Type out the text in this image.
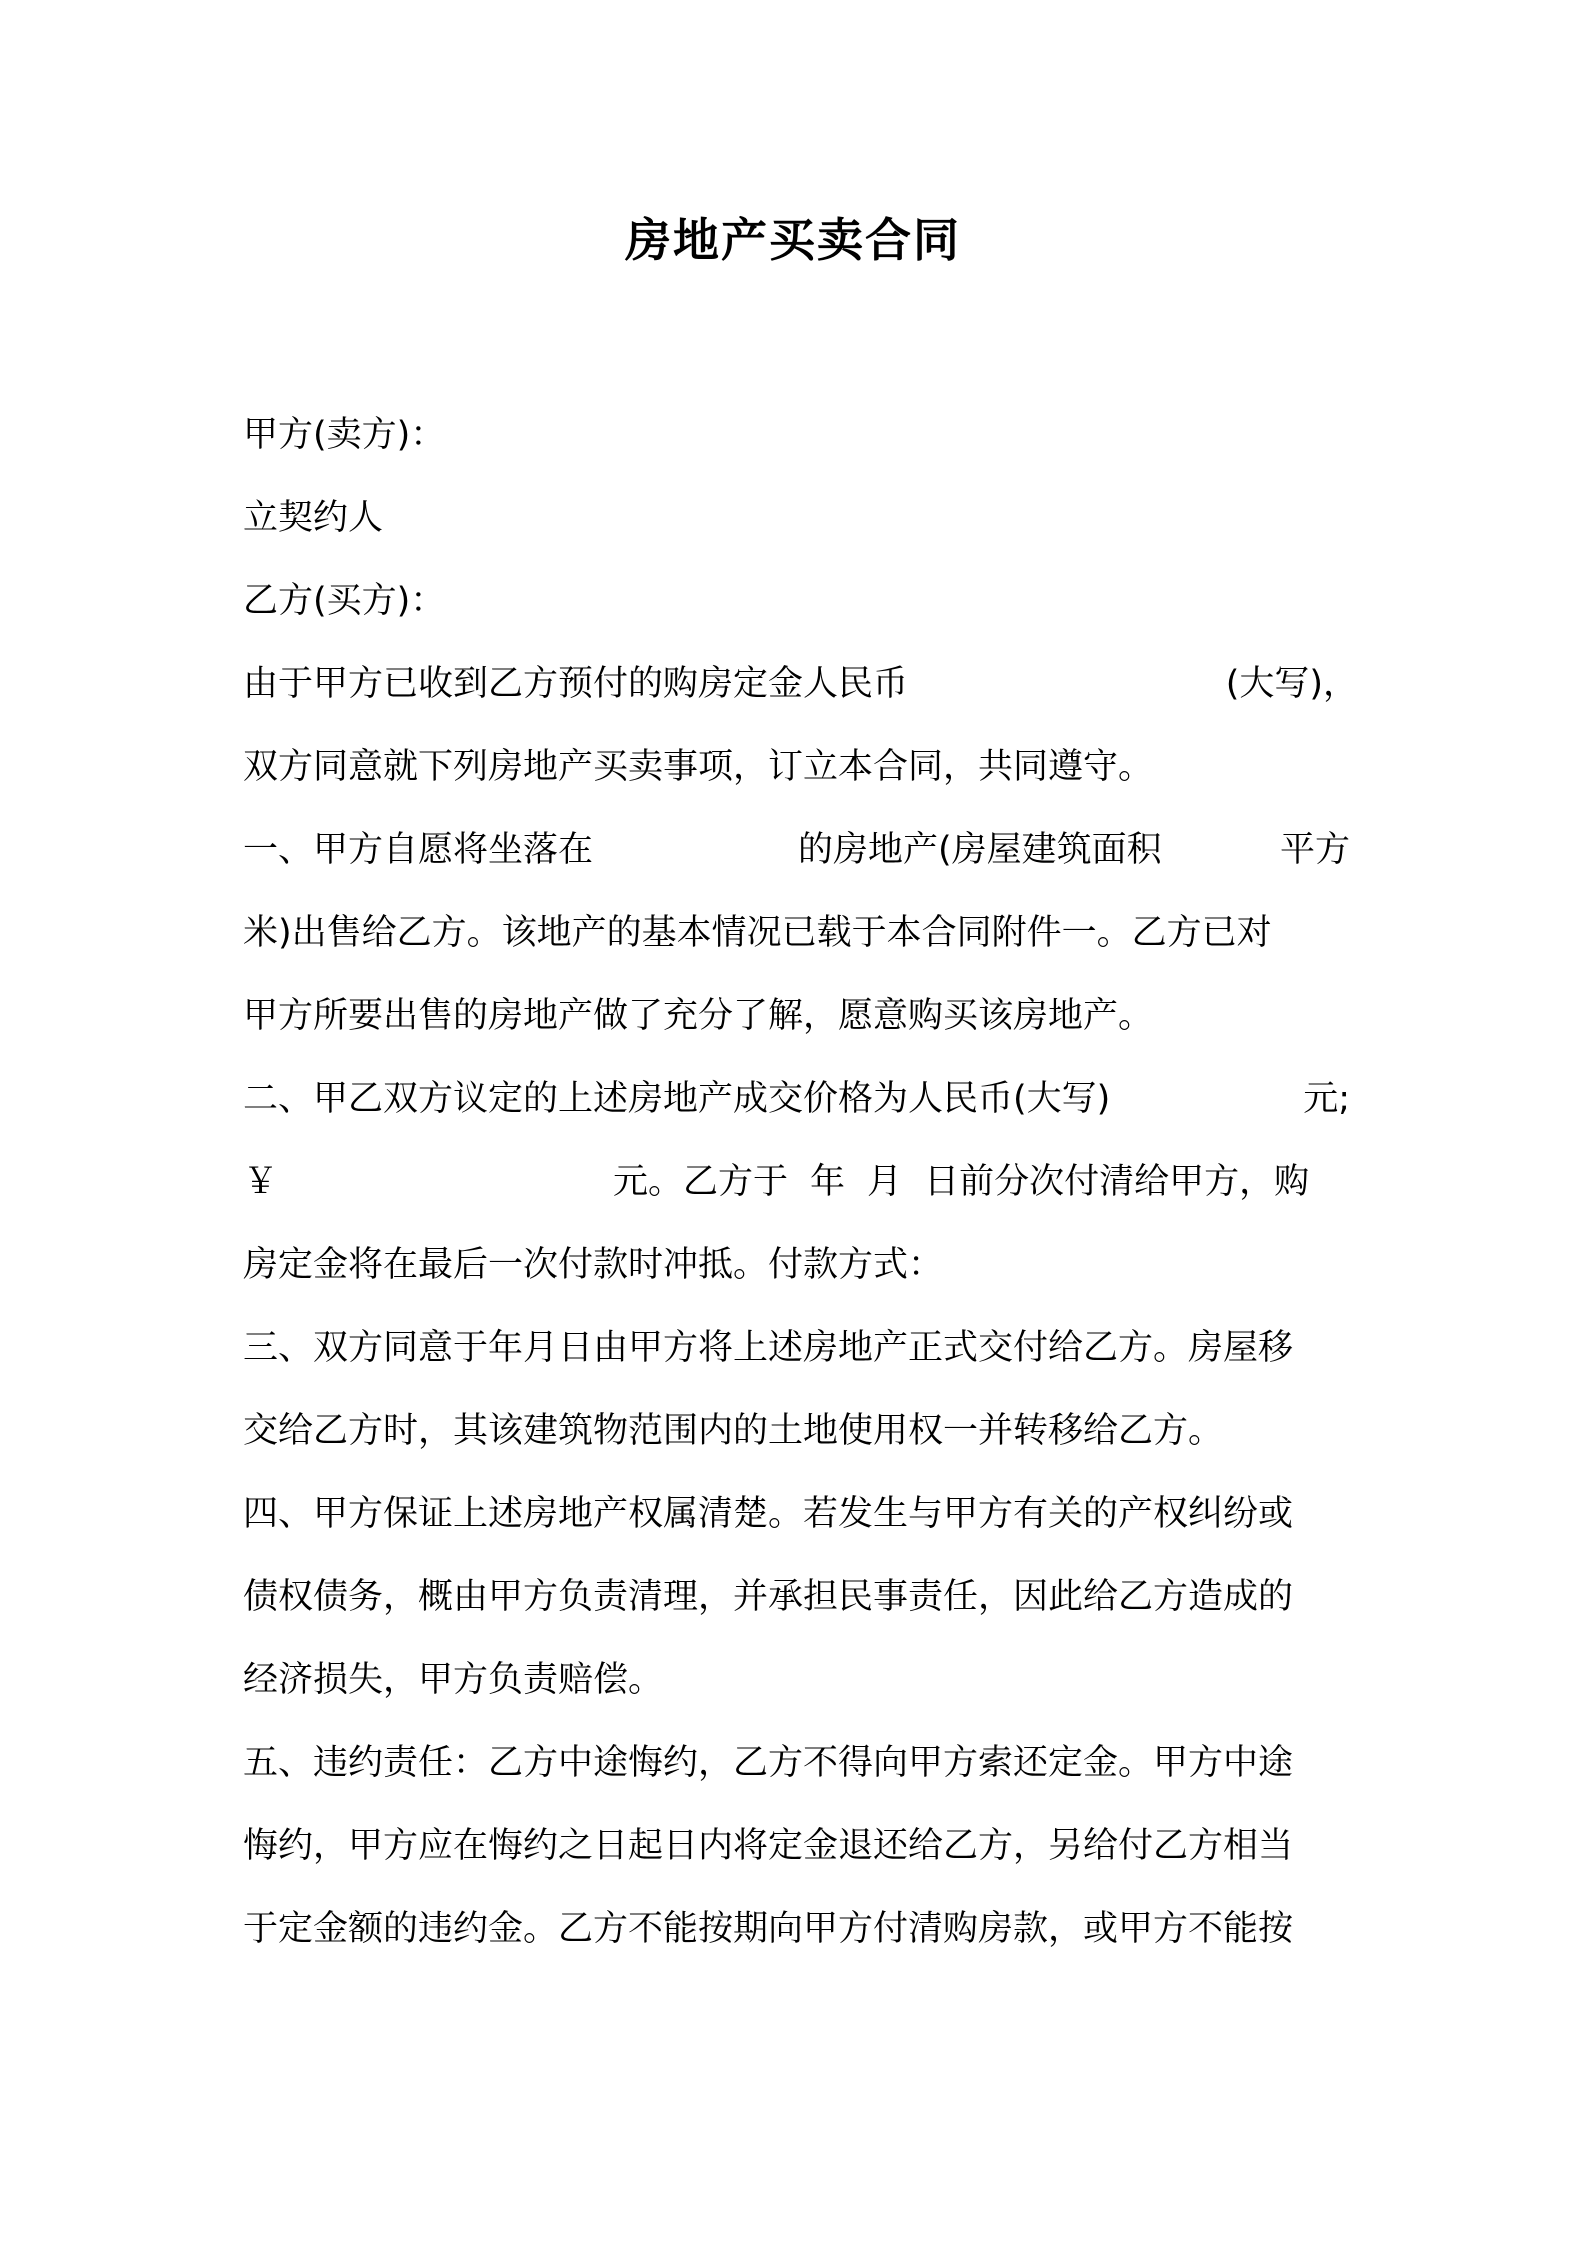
房地产买卖合同
甲方(卖方)：
立契约人
乙方(买方)：
由于甲方已收到乙方预付的购房定金人民币	(大写)，
双方同意就下列房地产买卖事项，订立本合同，共同遵守。
一、甲方自愿将坐落在	的房地产(房屋建筑面积	平方
米)出售给乙方。该地产的基本情况已载于本合同附件一。乙方已对
甲方所要出售的房地产做了充分了解，愿意购买该房地产。
二、甲乙双方议定的上述房地产成交价格为人民币(大写)	元;
￥	元。乙方于 年 月 日前分次付清给甲方，购
房定金将在最后一次付款时冲抵。付款方式：
三、双方同意于年月日由甲方将上述房地产正式交付给乙方。房屋移
交给乙方时，其该建筑物范围内的土地使用权一并转移给乙方。
四、甲方保证上述房地产权属清楚。若发生与甲方有关的产权纠纷或
债权债务，概由甲方负责清理，并承担民事责任，因此给乙方造成的
经济损失，甲方负责赔偿。
五、违约责任：乙方中途悔约，乙方不得向甲方索还定金。甲方中途
悔约，甲方应在悔约之日起日内将定金退还给乙方，另给付乙方相当
于定金额的违约金。乙方不能按期向甲方付清购房款，或甲方不能按
